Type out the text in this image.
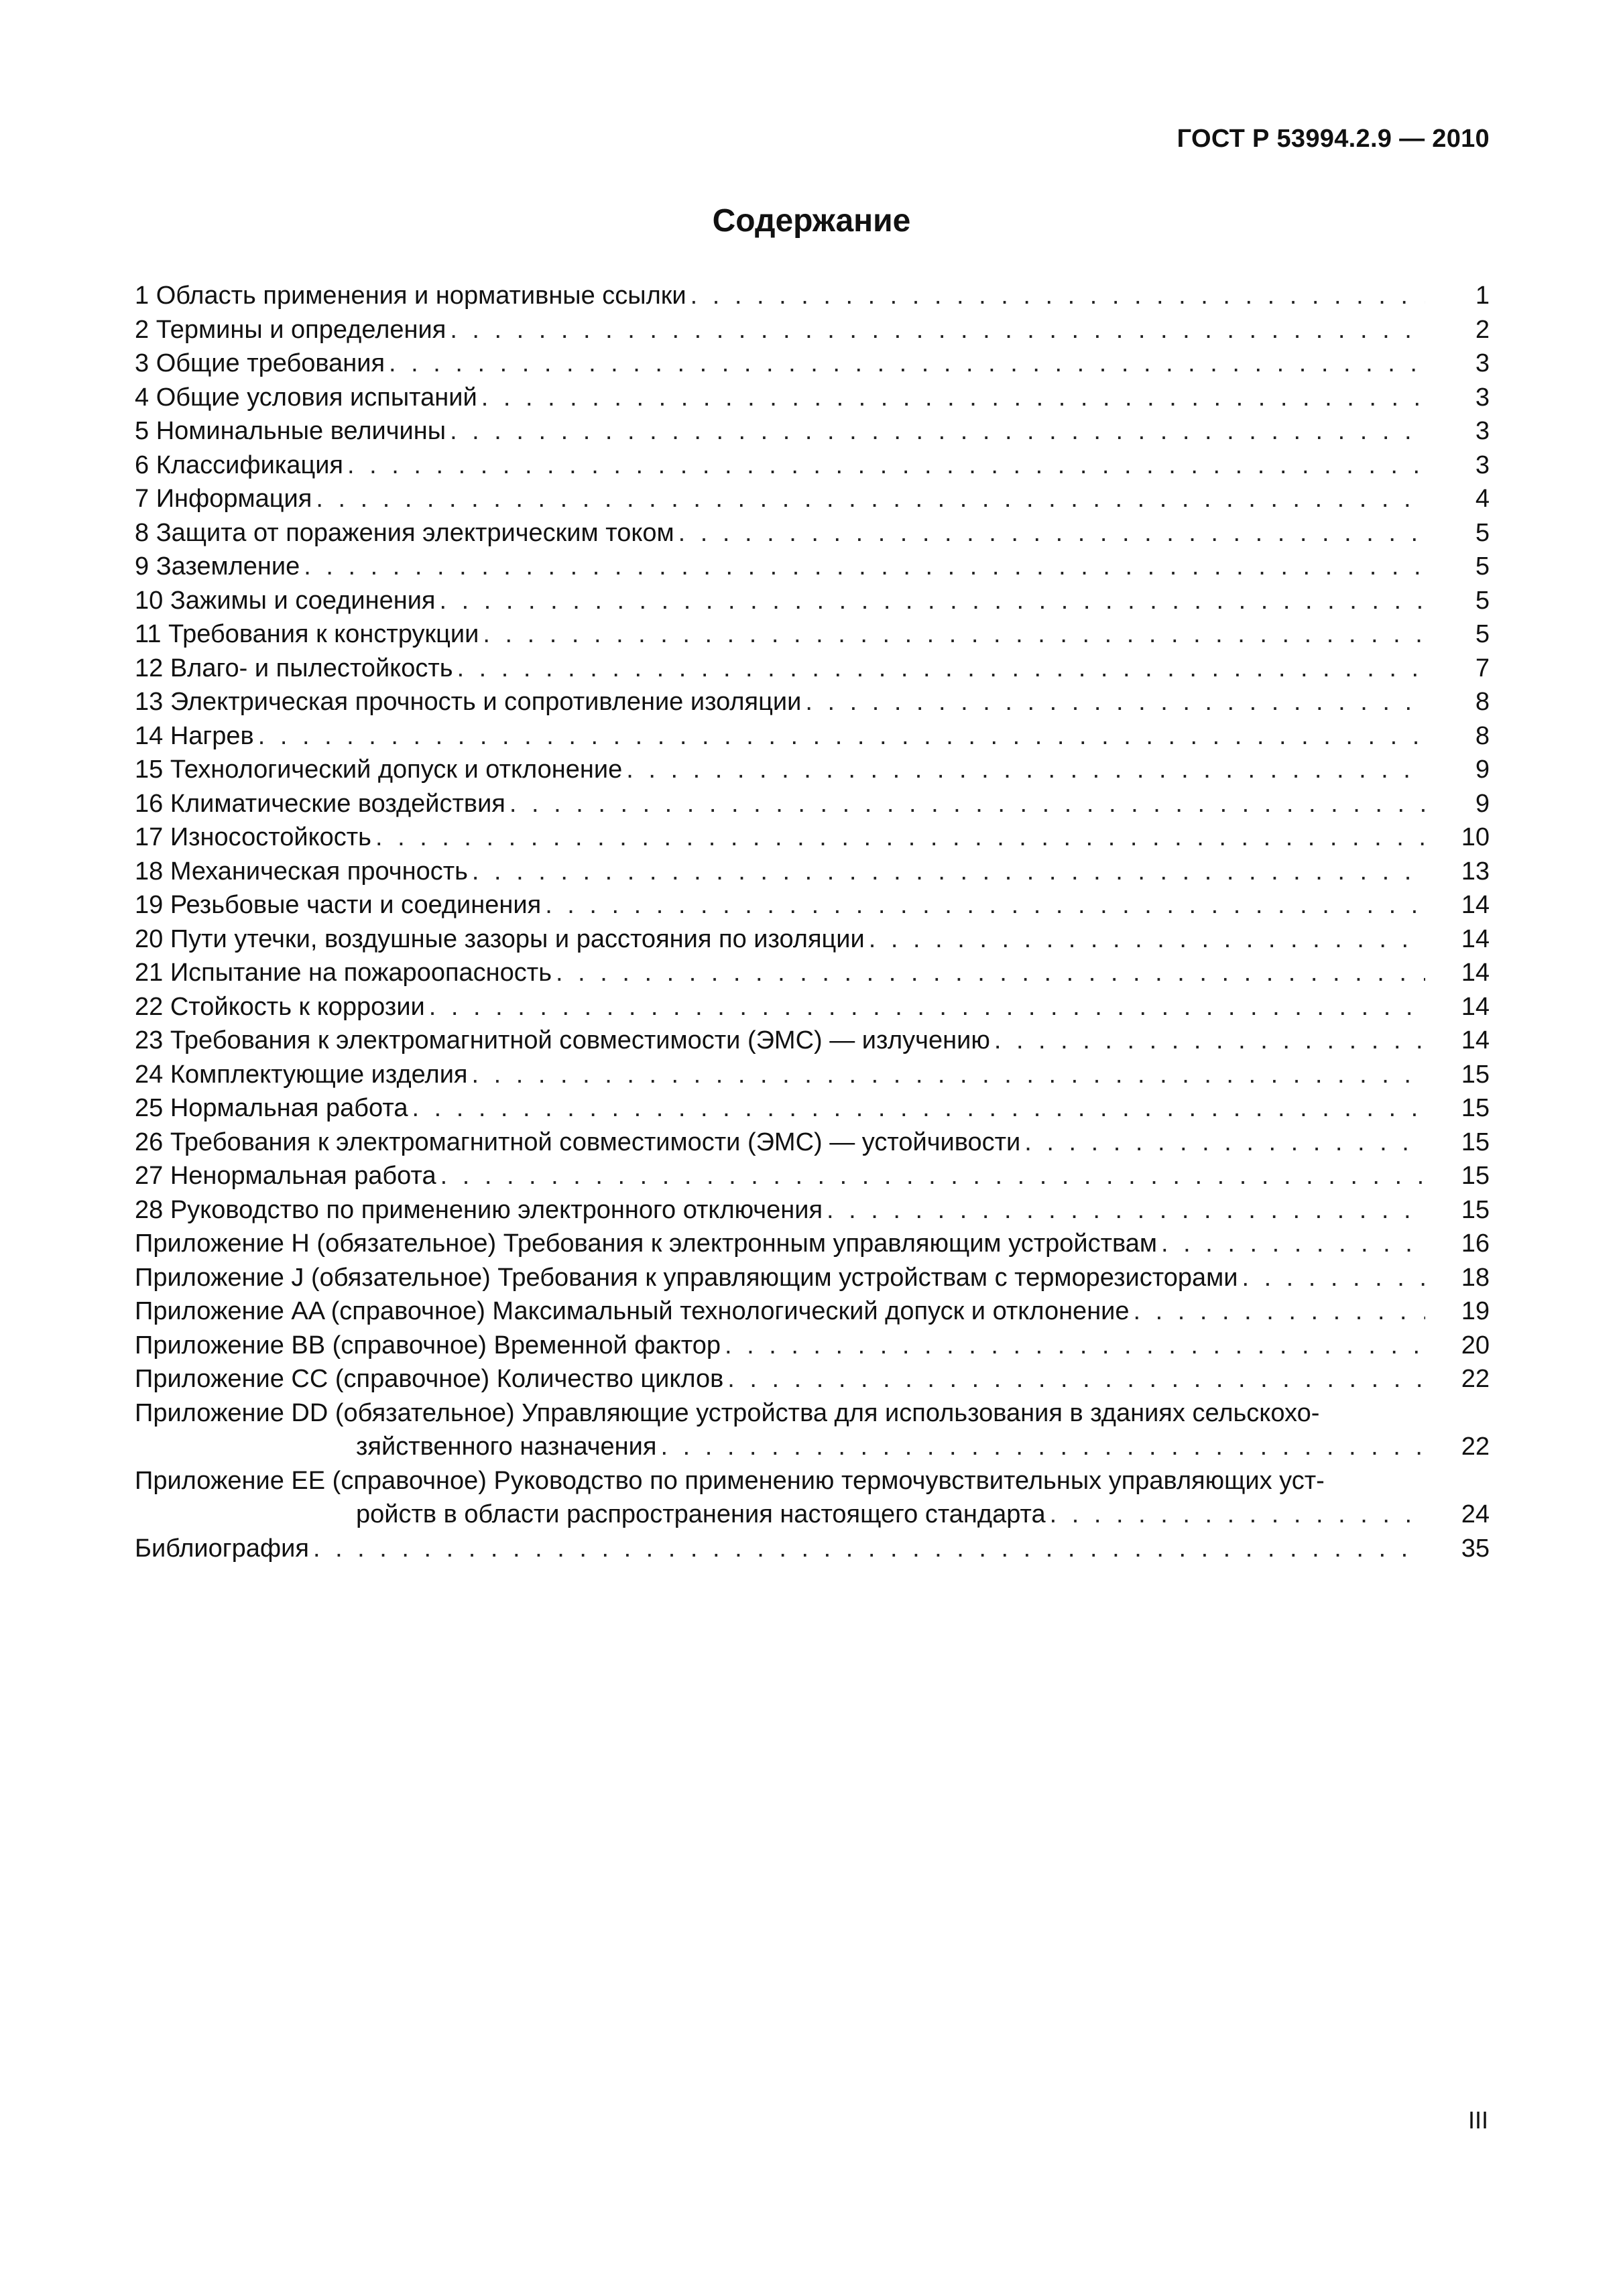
ГОСТ Р 53994.2.9 — 2010
Содержание
1 Область применения и нормативные ссылки . . .	1
2 Термины и определения . . .	2
3 Общие требования . . .	3
4 Общие условия испытаний . . .	3
5 Номинальные величины . . .	3
6 Классификация . . .	3
7 Информация . . .	4
8 Защита от поражения электрическим током . . .	5
9 Заземление . . .	5
10 Зажимы и соединения . . .	5
11 Требования к конструкции . . .	5
12 Влаго- и пылестойкость . . .	7
13 Электрическая прочность и сопротивление изоляции . . .	8
14 Нагрев . . .	8
15 Технологический допуск и отклонение . . .	9
16 Климатические воздействия . . .	9
17 Износостойкость . . .	10
18 Механическая прочность . . .	13
19 Резьбовые части и соединения . . .	14
20 Пути утечки, воздушные зазоры и расстояния по изоляции . . .	14
21 Испытание на пожароопасность . . .	14
22 Стойкость к коррозии . . .	14
23 Требования к электромагнитной совместимости (ЭМС) — излучению . . .	14
24 Комплектующие изделия . . .	15
25 Нормальная работа . . .	15
26 Требования к электромагнитной совместимости (ЭМС) — устойчивости . . .	15
27 Ненормальная работа . . .	15
28 Руководство по применению электронного отключения . . .	15
Приложение H (обязательное) Требования к электронным управляющим устройствам . . .	16
Приложение J (обязательное) Требования к управляющим устройствам с терморезисторами . . .	18
Приложение AA (справочное) Максимальный технологический допуск и отклонение . . .	19
Приложение BB (справочное) Временной фактор . . .	20
Приложение CC (справочное) Количество циклов . . .	22
Приложение DD (обязательное) Управляющие устройства для использования в зданиях сельскохо-
зяйственного назначения . . .	22
Приложение EE (справочное) Руководство по применению термочувствительных управляющих уст-
ройств в области распространения настоящего стандарта . . .	24
Библиография . . .	35
III
